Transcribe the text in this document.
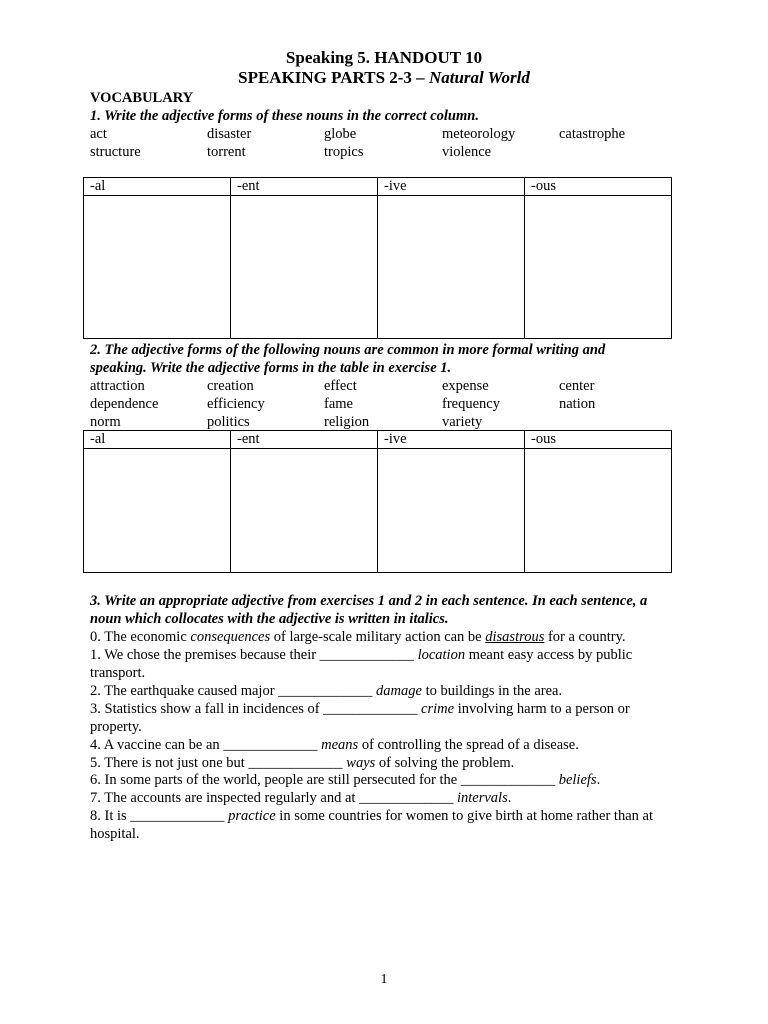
Speaking 5. HANDOUT 10
SPEAKING PARTS 2-3 – Natural World
VOCABULARY
1. Write the adjective forms of these nouns in the correct column.
act	disaster	globe	meteorology	catastrophe
structure	torrent	tropics	violence
-al	-ent	-ive	-ous

2. The adjective forms of the following nouns are common in more formal writing and
speaking. Write the adjective forms in the table in exercise 1.
attraction	creation	effect	expense	center
dependence	efficiency	fame	frequency	nation
norm	politics	religion	variety
-al	-ent	-ive	-ous

3. Write an appropriate adjective from exercises 1 and 2 in each sentence. In each sentence, a
noun which collocates with the adjective is written in italics.
0. The economic consequences of large-scale military action can be disastrous for a country.
1. We chose the premises because their _____________ location meant easy access by public
transport.
2. The earthquake caused major _____________ damage to buildings in the area.
3. Statistics show a fall in incidences of _____________ crime involving harm to a person or
property.
4. A vaccine can be an _____________ means of controlling the spread of a disease.
5. There is not just one but _____________ ways of solving the problem.
6. In some parts of the world, people are still persecuted for the _____________ beliefs.
7. The accounts are inspected regularly and at _____________ intervals.
8. It is _____________ practice in some countries for women to give birth at home rather than at
hospital.
1
